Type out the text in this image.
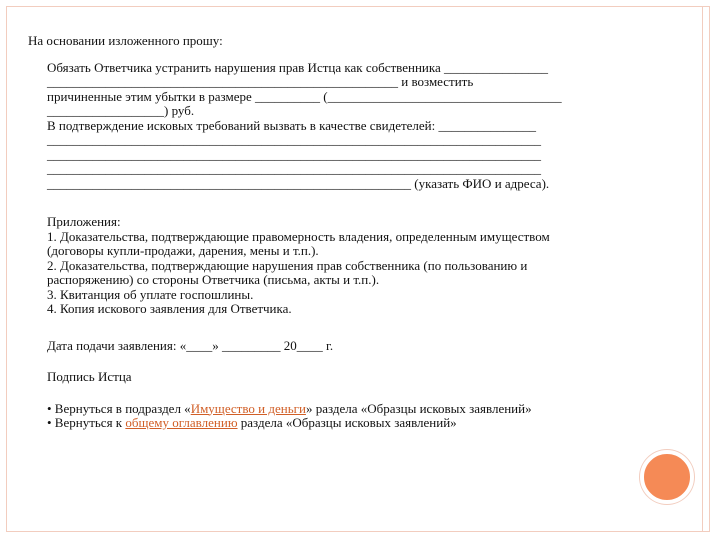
На основании изложенного прошу:

Обязать Ответчика устранить нарушения прав Истца как собственника ________________

______________________________________________________ и возместить

причиненные этим убытки в размере __________ (____________________________________

__________________) руб.

В подтверждение исковых требований вызвать в качестве свидетелей: _______________

____________________________________________________________________________

____________________________________________________________________________

____________________________________________________________________________

________________________________________________________ (указать ФИО и адреса).

Приложения:

1. Доказательства, подтверждающие правомерность владения, определенным имуществом

(договоры купли-продажи, дарения, мены и т.п.).

2. Доказательства, подтверждающие нарушения прав собственника (по пользованию и

распоряжению) со стороны Ответчика (письма, акты и т.п.).

3. Квитанция об уплате госпошлины.

4. Копия искового заявления для Ответчика.

Дата подачи заявления: «____» _________ 20____ г.

Подпись Истца

• Вернуться в подраздел «Имущество и деньги» раздела «Образцы исковых заявлений»

• Вернуться к общему оглавлению раздела «Образцы исковых заявлений»
